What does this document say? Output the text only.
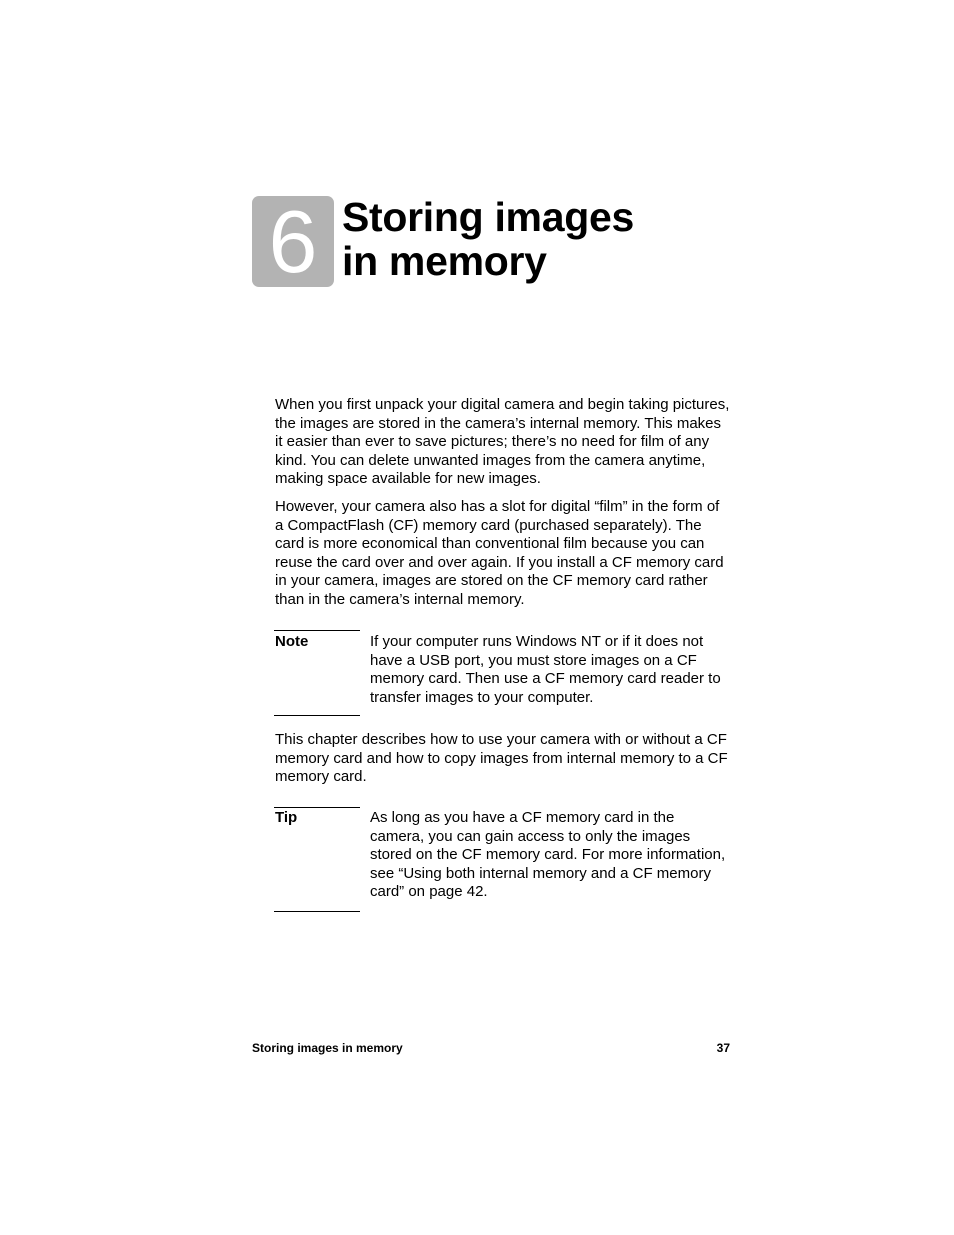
6 Storing images
in memory

When you first unpack your digital camera and begin taking pictures, the images are stored in the camera’s internal memory. This makes it easier than ever to save pictures; there’s no need for film of any kind. You can delete unwanted images from the camera anytime, making space available for new images.

However, your camera also has a slot for digital “film” in the form of a CompactFlash (CF) memory card (purchased separately). The card is more economical than conventional film because you can reuse the card over and over again. If you install a CF memory card in your camera, images are stored on the CF memory card rather than in the camera’s internal memory.

Note	If your computer runs Windows NT or if it does not have a USB port, you must store images on a CF memory card. Then use a CF memory card reader to transfer images to your computer.

This chapter describes how to use your camera with or without a CF memory card and how to copy images from internal memory to a CF memory card.

Tip	As long as you have a CF memory card in the camera, you can gain access to only the images stored on the CF memory card. For more information, see “Using both internal memory and a CF memory card” on page 42.

Storing images in memory	37
